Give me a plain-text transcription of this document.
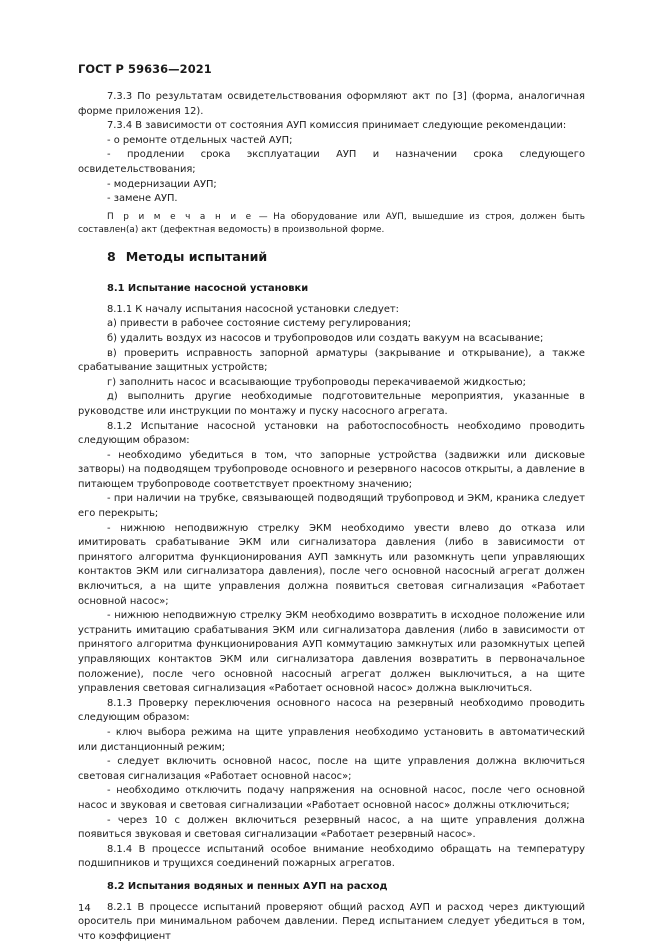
ГОСТ Р 59636—2021

7.3.3 По результатам освидетельствования оформляют акт по [3] (форма, аналогичная форме приложения 12).

7.3.4 В зависимости от состояния АУП комиссия принимает следующие рекомендации:

- о ремонте отдельных частей АУП;

- продлении срока эксплуатации АУП и назначении срока следующего освидетельствования;

- модернизации АУП;

- замене АУП.

П р и м е ч а н и е — На оборудование или АУП, вышедшие из строя, должен быть составлен(а) акт (дефектная ведомость) в произвольной форме.

8 Методы испытаний
8.1 Испытание насосной установки

8.1.1 К началу испытания насосной установки следует:

а) привести в рабочее состояние систему регулирования;

б) удалить воздух из насосов и трубопроводов или создать вакуум на всасывание;

в) проверить исправность запорной арматуры (закрывание и открывание), а также срабатывание защитных устройств;

г) заполнить насос и всасывающие трубопроводы перекачиваемой жидкостью;

д) выполнить другие необходимые подготовительные мероприятия, указанные в руководстве или инструкции по монтажу и пуску насосного агрегата.

8.1.2 Испытание насосной установки на работоспособность необходимо проводить следующим образом:

- необходимо убедиться в том, что запорные устройства (задвижки или дисковые затворы) на подводящем трубопроводе основного и резервного насосов открыты, а давление в питающем трубопроводе соответствует проектному значению;

- при наличии на трубке, связывающей подводящий трубопровод и ЭКМ, краника следует его перекрыть;

- нижнюю неподвижную стрелку ЭКМ необходимо увести влево до отказа или имитировать срабатывание ЭКМ или сигнализатора давления (либо в зависимости от принятого алгоритма функционирования АУП замкнуть или разомкнуть цепи управляющих контактов ЭКМ или сигнализатора давления), после чего основной насосный агрегат должен включиться, а на щите управления должна появиться световая сигнализация «Работает основной насос»;

- нижнюю неподвижную стрелку ЭКМ необходимо возвратить в исходное положение или устранить имитацию срабатывания ЭКМ или сигнализатора давления (либо в зависимости от принятого алгоритма функционирования АУП коммутацию замкнутых или разомкнутых цепей управляющих контактов ЭКМ или сигнализатора давления возвратить в первоначальное положение), после чего основной насосный агрегат должен выключиться, а на щите управления световая сигнализация «Работает основной насос» должна выключиться.

8.1.3 Проверку переключения основного насоса на резервный необходимо проводить следующим образом:

- ключ выбора режима на щите управления необходимо установить в автоматический или дистанционный режим;

- следует включить основной насос, после на щите управления должна включиться световая сигнализация «Работает основной насос»;

- необходимо отключить подачу напряжения на основной насос, после чего основной насос и звуковая и световая сигнализации «Работает основной насос» должны отключиться;

- через 10 с должен включиться резервный насос, а на щите управления должна появиться звуковая и световая сигнализации «Работает резервный насос».

8.1.4 В процессе испытаний особое внимание необходимо обращать на температуру подшипников и трущихся соединений пожарных агрегатов.

8.2 Испытания водяных и пенных АУП на расход

8.2.1 В процессе испытаний проверяют общий расход АУП и расход через диктующий ороситель при минимальном рабочем давлении. Перед испытанием следует убедиться в том, что коэффициент

14
